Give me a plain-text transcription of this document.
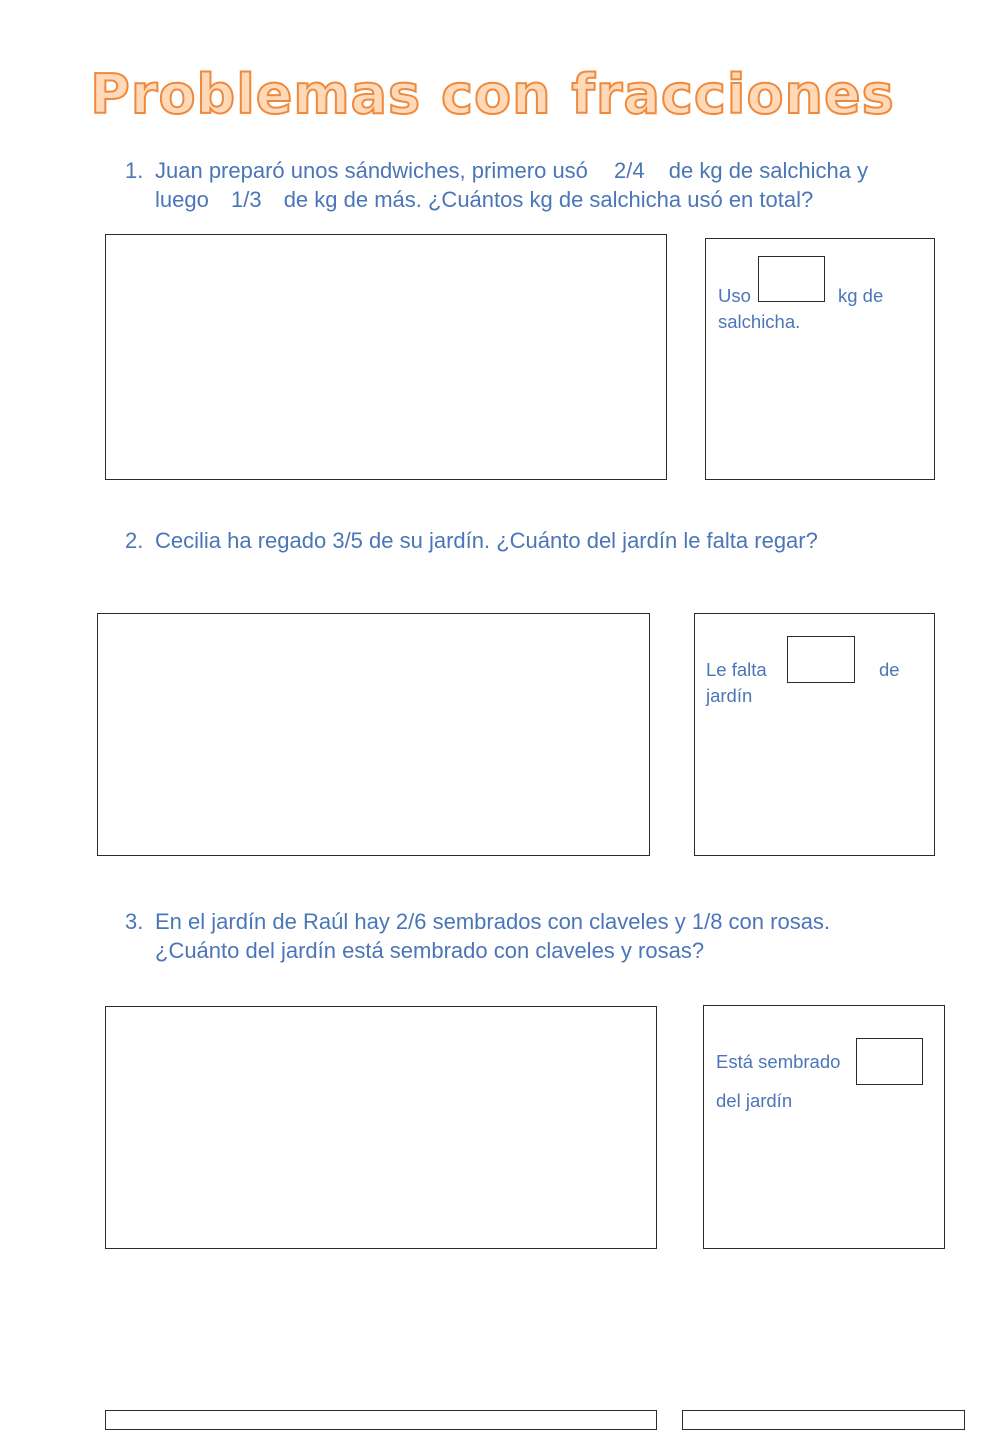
Problemas con fracciones
1. Juan preparó unos sándwiches, primero usó 2/4 de kg de salchicha y
luego 1/3 de kg de más. ¿Cuántos kg de salchicha usó en total?
Uso	kg de
salchicha.
2. Cecilia ha regado 3/5 de su jardín. ¿Cuánto del jardín le falta regar?
Le falta	de
jardín
3. En el jardín de Raúl hay 2/6 sembrados con claveles y 1/8 con rosas.
¿Cuánto del jardín está sembrado con claveles y rosas?
Está sembrado
del jardín
